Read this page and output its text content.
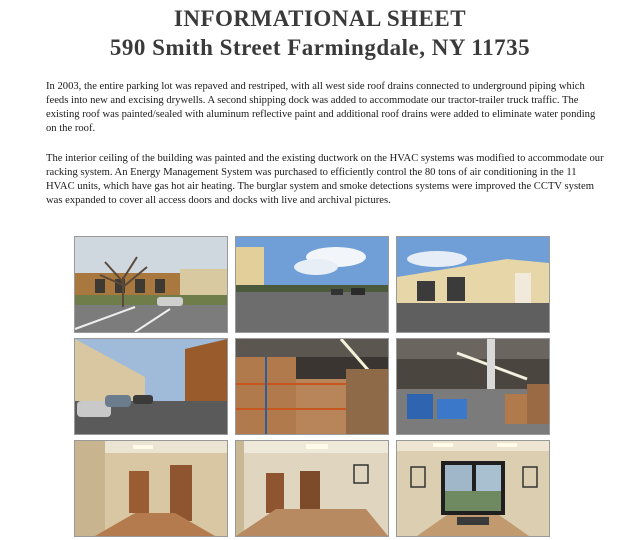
INFORMATIONAL SHEET
590 Smith Street Farmingdale, NY 11735

In 2003, the entire parking lot was repaved and restriped, with all west side roof drains connected to underground piping which feeds into new and excising drywells. A second shipping dock was added to accommodate our tractor-trailer truck traffic. The existing roof was painted/sealed with aluminum reflective paint and additional roof drains were added to eliminate water ponding on the roof.

The interior ceiling of the building was painted and the existing ductwork on the HVAC systems was modified to accommodate our racking system. An Energy Management System was purchased to efficiently control the 80 tons of air conditioning in the 11 HVAC units, which have gas hot air heating. The burglar system and smoke detections systems were improved the CCTV system was expanded to cover all access doors and docks with live and archival pictures.
